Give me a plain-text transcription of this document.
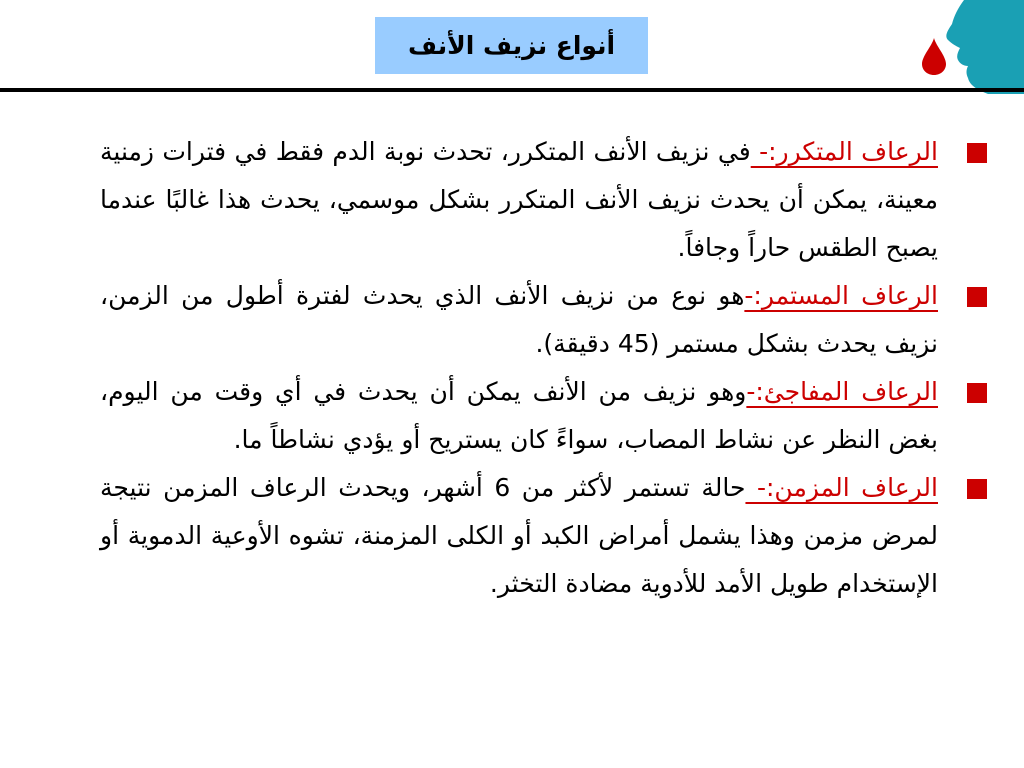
أنواع نزيف الأنف
الرعاف المتكرر:- في نزيف الأنف المتكرر، تحدث نوبة الدم فقط في فترات زمنية معينة، يمكن أن يحدث نزيف الأنف المتكرر بشكل موسمي، يحدث هذا غالبًا عندما يصبح الطقس حاراً وجافاً.
الرعاف المستمر:-هو نوع من نزيف الأنف الذي يحدث لفترة أطول من الزمن، نزيف يحدث بشكل مستمر (45 دقيقة).
الرعاف المفاجئ:-وهو نزيف من الأنف يمكن أن يحدث في أي وقت من اليوم، بغض النظر عن نشاط المصاب، سواءً كان يستريح أو يؤدي نشاطاً ما.
الرعاف المزمن:- حالة تستمر لأكثر من 6 أشهر، ويحدث الرعاف المزمن نتيجة لمرض مزمن وهذا يشمل أمراض الكبد أو الكلى المزمنة، تشوه الأوعية الدموية أو الإستخدام طويل الأمد للأدوية مضادة التخثر.
